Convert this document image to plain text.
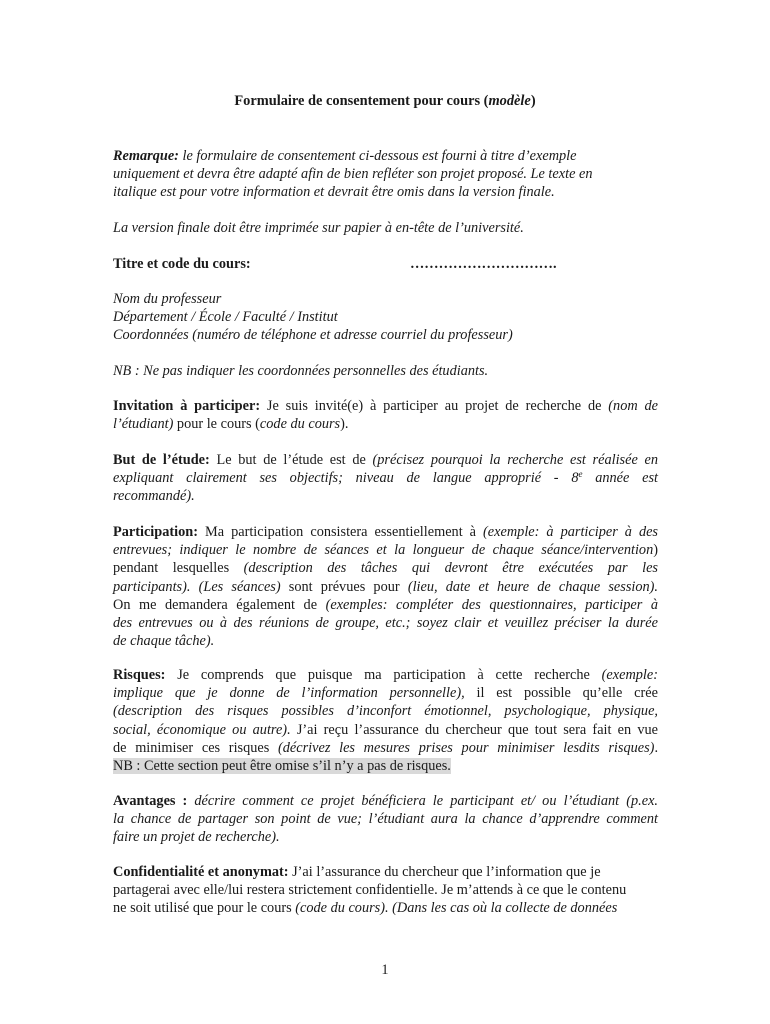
Formulaire de consentement pour cours (modèle)

Remarque: le formulaire de consentement ci-dessous est fourni à titre d’exemple
uniquement et devra être adapté afin de bien refléter son projet proposé. Le texte en
italique est pour votre information et devrait être omis dans la version finale.

La version finale doit être imprimée sur papier à en-tête de l’université.

Titre et code du cours:	………………………….

Nom du professeur
Département / École / Faculté / Institut
Coordonnées (numéro de téléphone et adresse courriel du professeur)

NB : Ne pas indiquer les coordonnées personnelles des étudiants.

Invitation à participer: Je suis invité(e) à participer au projet de recherche de (nom de
l’étudiant) pour le cours (code du cours).

But de l’étude: Le but de l’étude est de (précisez pourquoi la recherche est réalisée en
expliquant clairement ses objectifs; niveau de langue approprié - 8e année est
recommandé).

Participation: Ma participation consistera essentiellement à (exemple: à participer à des
entrevues; indiquer le nombre de séances et la longueur de chaque séance/intervention)
pendant lesquelles (description des tâches qui devront être exécutées par les
participants). (Les séances) sont prévues pour (lieu, date et heure de chaque session).
On me demandera également de (exemples: compléter des questionnaires, participer à
des entrevues ou à des réunions de groupe, etc.; soyez clair et veuillez préciser la durée
de chaque tâche).

Risques: Je comprends que puisque ma participation à cette recherche (exemple:
implique que je donne de l’information personnelle), il est possible qu’elle crée
(description des risques possibles d’inconfort émotionnel, psychologique, physique,
social, économique ou autre). J’ai reçu l’assurance du chercheur que tout sera fait en vue
de minimiser ces risques (décrivez les mesures prises pour minimiser lesdits risques).
NB : Cette section peut être omise s’il n’y a pas de risques.

Avantages : décrire comment ce projet bénéficiera le participant et/ ou l’étudiant (p.ex.
la chance de partager son point de vue; l’étudiant aura la chance d’apprendre comment
faire un projet de recherche).

Confidentialité et anonymat: J’ai l’assurance du chercheur que l’information que je
partagerai avec elle/lui restera strictement confidentielle. Je m’attends à ce que le contenu
ne soit utilisé que pour le cours (code du cours). (Dans les cas où la collecte de données

1
